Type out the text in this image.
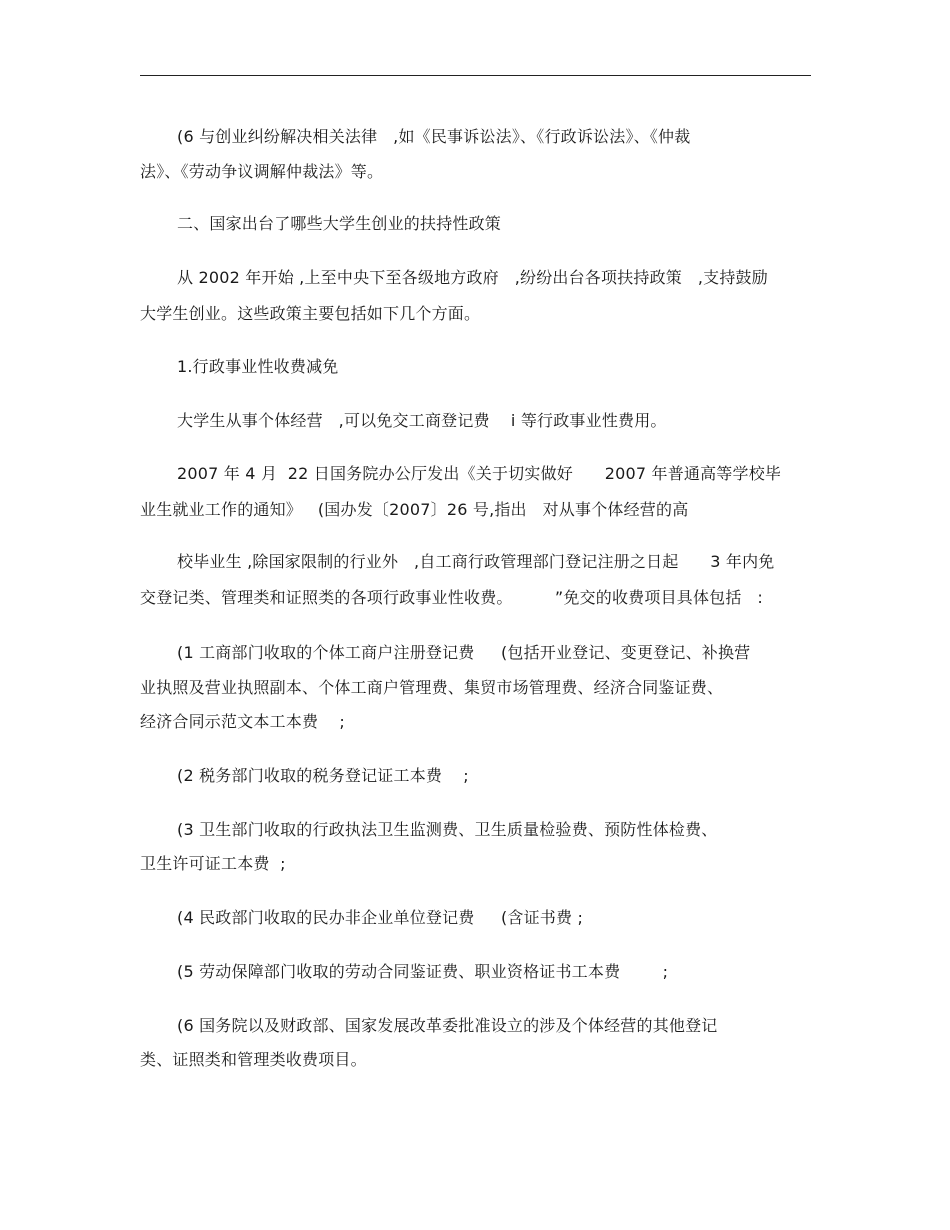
(6 与创业纠纷解决相关法律   ,如《民事诉讼法》、《行政诉讼法》、《仲裁
法》、《劳动争议调解仲裁法》等。
二、国家出台了哪些大学生创业的扶持性政策
从 2002 年开始 ,上至中央下至各级地方政府   ,纷纷出台各项扶持政策   ,支持鼓励
大学生创业。这些政策主要包括如下几个方面。
1.行政事业性收费减免
大学生从事个体经营   ,可以免交工商登记费    i 等行政事业性费用。
2007 年 4 月  22 日国务院办公厅发出《关于切实做好      2007 年普通高等学校毕
业生就业工作的通知》   (国办发〔2007〕26 号,指出   对从事个体经营的高
校毕业生 ,除国家限制的行业外   ,自工商行政管理部门登记注册之日起      3 年内免
交登记类、管理类和证照类的各项行政事业性收费。        ”免交的收费项目具体包括   :
(1 工商部门收取的个体工商户注册登记费     (包括开业登记、变更登记、补换营
业执照及营业执照副本、个体工商户管理费、集贸市场管理费、经济合同鉴证费、
经济合同示范文本工本费    ;
(2 税务部门收取的税务登记证工本费    ;
(3 卫生部门收取的行政执法卫生监测费、卫生质量检验费、预防性体检费、
卫生许可证工本费  ;
(4 民政部门收取的民办非企业单位登记费     (含证书费 ;
(5 劳动保障部门收取的劳动合同鉴证费、职业资格证书工本费        ;
(6 国务院以及财政部、国家发展改革委批准设立的涉及个体经营的其他登记
类、证照类和管理类收费项目。
